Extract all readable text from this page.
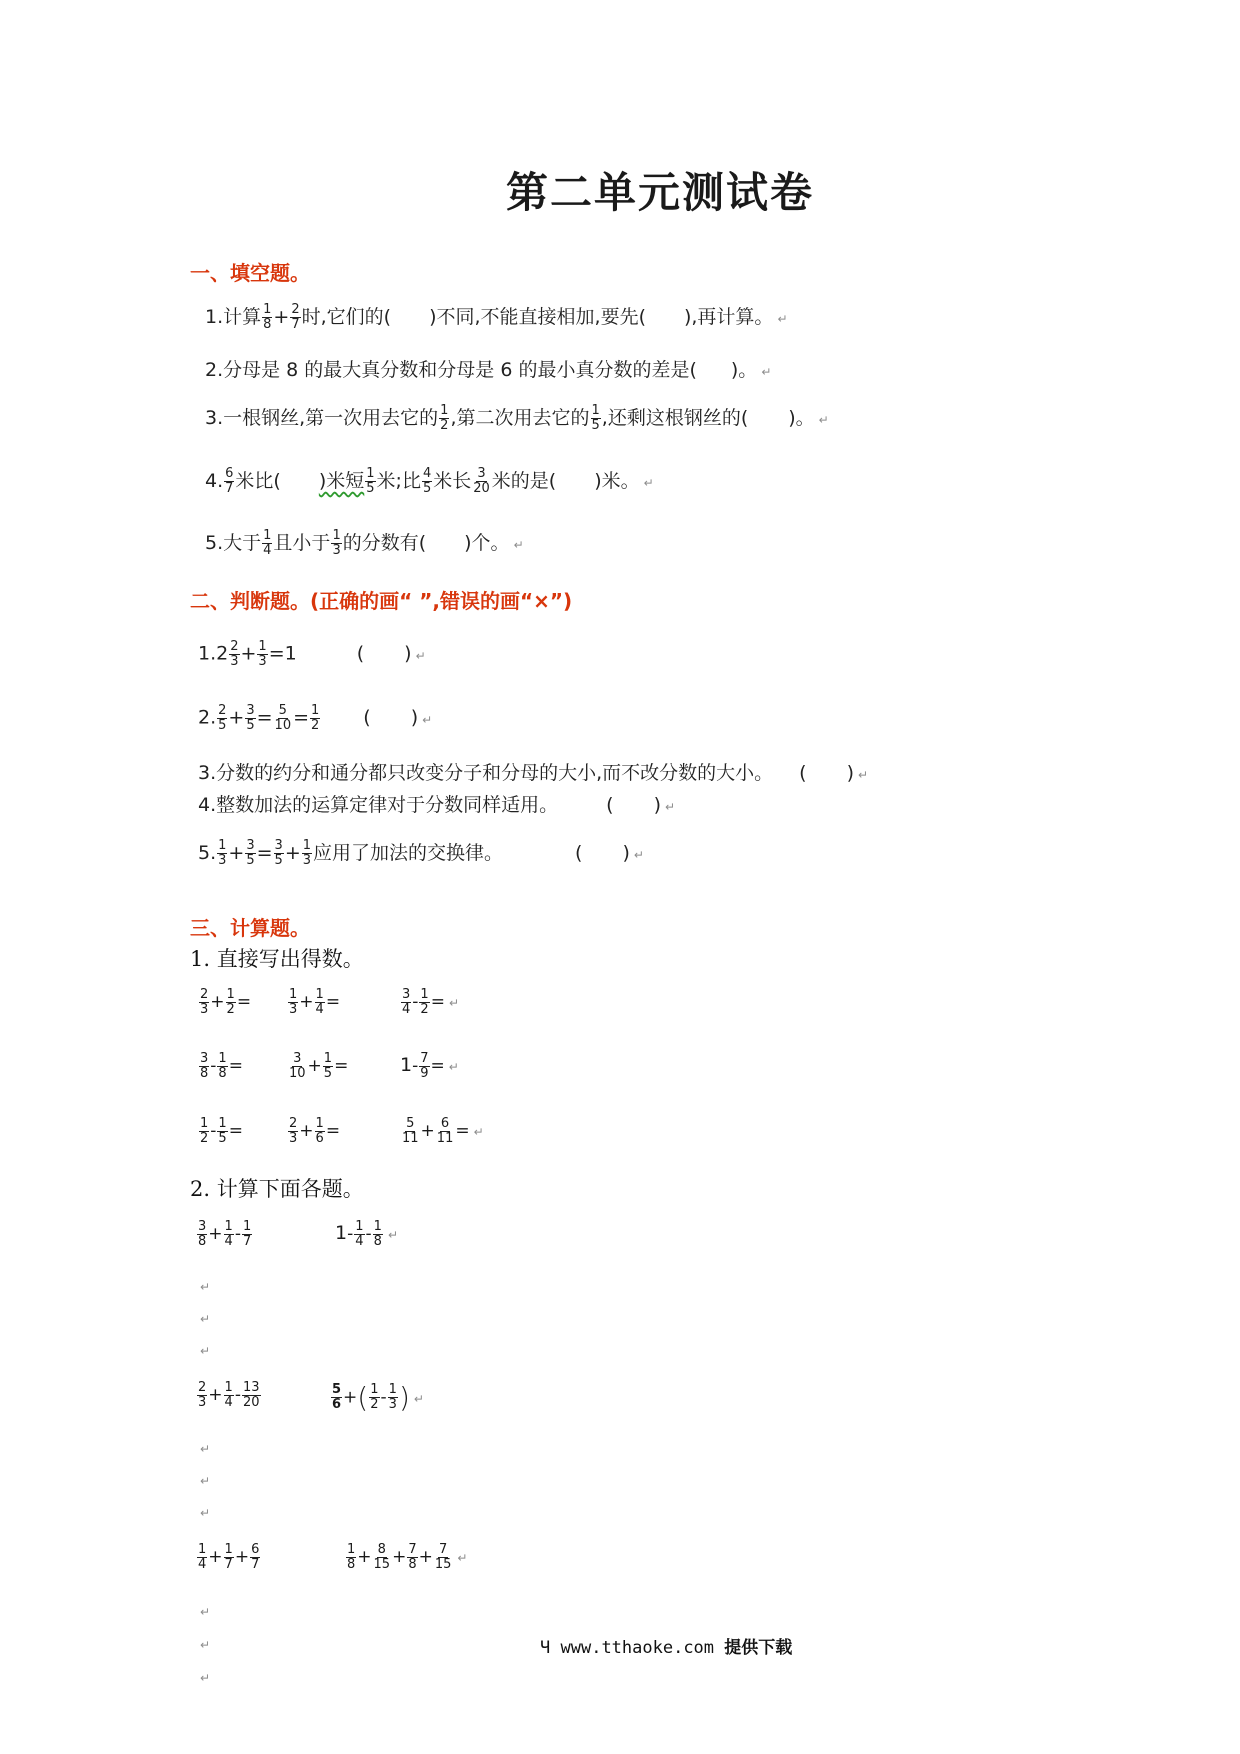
第二单元测试卷
一、填空题。
1.计算 $\frac{1}{8} + \frac{2}{7}$ 时,它们的( )不同,不能直接相加,要先( ),再计算。 ↵
2.分母是 8 的最大真分数和分母是 6 的最小真分数的差是( )。 ↵
3.一根钢丝,第一次用去它的 $\frac{1}{2}$ ,第二次用去它的 $\frac{1}{5}$ ,还剩这根钢丝的( )。 ↵
4. $\frac{6}{7}$ 米比( )米短 $\frac{1}{5}$ 米;比 $\frac{4}{5}$ 米长 $\frac{3}{20}$ 米的是( )米。 ↵
5.大于 $\frac{1}{4}$ 且小于 $\frac{1}{3}$ 的分数有( )个。 ↵
二、判断题。(正确的画“ ”,错误的画“×”)
$1.2 \frac{2}{3} + \frac{1}{3} =1$	( ) ↵
2. $\frac{2}{5} + \frac{3}{5} = \frac{5}{10} = \frac{1}{2}$ ( ) ↵
3.分数的约分和通分都只改变分子和分母的大小,而不改分数的大小。 ( ) ↵
4.整数加法的运算定律对于分数同样适用。	( ) ↵
5. $\frac{1}{3} + \frac{3}{5} = \frac{3}{5} + \frac{1}{3}$ 应用了加法的交换律。	( ) ↵
三、计算题。
1. 直接写出得数。
$\frac{2}{3} + \frac{1}{2}$ =	$\frac{1}{3} + \frac{1}{4}$ =	$\frac{3}{4} - \frac{1}{2}$ = ↵
$\frac{3}{8} - \frac{1}{8}$ =	$\frac{3}{10} + \frac{1}{5}$ =	$1- \frac{7}{9}$ = ↵
$\frac{1}{2} - \frac{1}{5}$ =	$\frac{2}{3} + \frac{1}{6}$ =	$\frac{5}{11} + \frac{6}{11}$ = ↵
2. 计算下面各题。
$\frac{3}{8} + \frac{1}{4} - \frac{1}{7}$	$1- \frac{1}{4} - \frac{1}{8}$ ↵
↵
↵
↵
$\frac{2}{3} + \frac{1}{4} - \frac{13}{20}$	$\frac{5}{6}$ +( $\frac{1}{2} - \frac{1}{3}$ ) ↵
↵
↵
↵
$\frac{1}{4} + \frac{1}{7} + \frac{6}{7}$	$\frac{1}{8} + \frac{8}{15} + \frac{7}{8} + \frac{7}{15}$ ↵
↵
↵
↵
Ч www.tthaoke.com 提供下载
